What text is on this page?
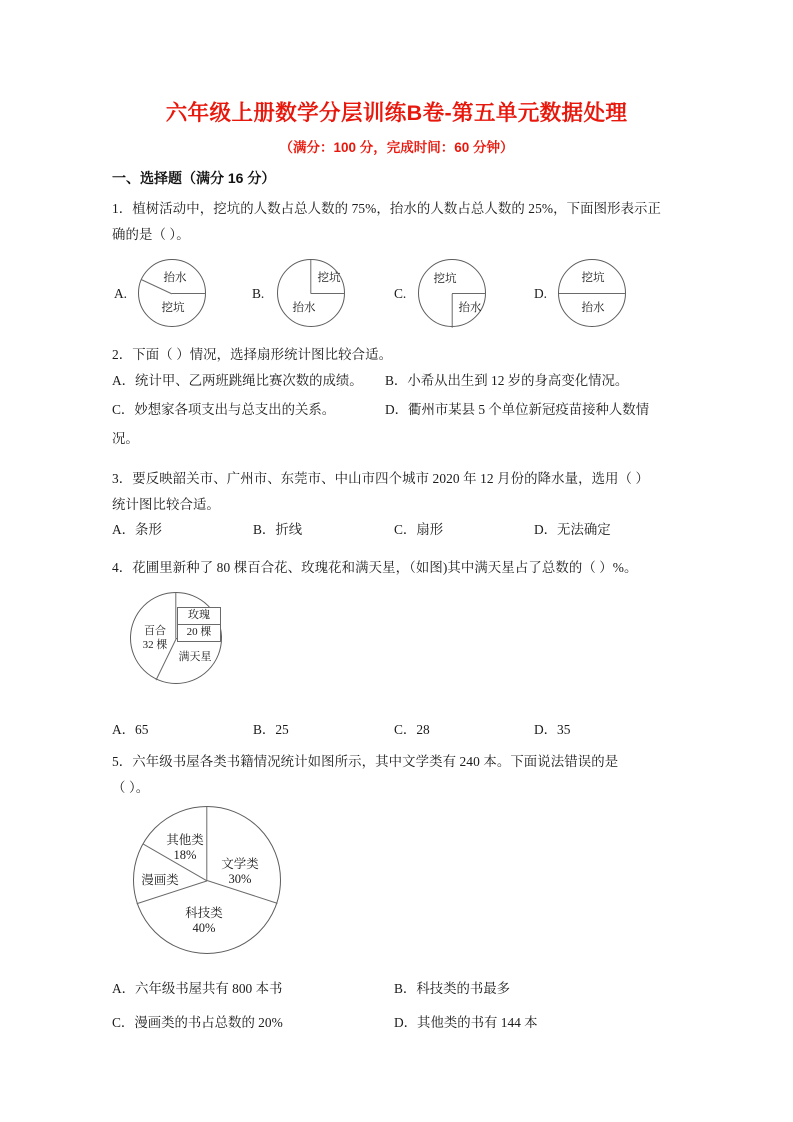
六年级上册数学分层训练B卷-第五单元数据处理
（满分：100 分，完成时间：60 分钟）
一、选择题（满分 16 分）
1．植树活动中，挖坑的人数占总人数的 75%，抬水的人数占总人数的 25%，下面图形表示正
确的是（ ）。
A.
抬水
挖坑
B.
挖坑
抬水
C.
挖坑
抬水
D.
挖坑
抬水
2．下面（ ）情况，选择扇形统计图比较合适。
A．统计甲、乙两班跳绳比赛次数的成绩。 B．小希从出生到 12 岁的身高变化情况。
C．妙想家各项支出与总支出的关系。	D．衢州市某县 5 个单位新冠疫苗接种人数情
况。
3．要反映韶关市、广州市、东莞市、中山市四个城市 2020 年 12 月份的降水量，选用（ ）
统计图比较合适。
A．条形	B．折线	C．扇形	D．无法确定
4．花圃里新种了 80 棵百合花、玫瑰花和满天星，（如图)其中满天星占了总数的（ ）%。
百合
32 棵
玫瑰
20 棵
满天星
A．65	B．25	C．28	D．35
5．六年级书屋各类书籍情况统计如图所示，其中文学类有 240 本。下面说法错误的是
（ ）。
其他类
18%
文学类
30%
漫画类
科技类
40%
A．六年级书屋共有 800 本书	B．科技类的书最多
C．漫画类的书占总数的 20%	D．其他类的书有 144 本
